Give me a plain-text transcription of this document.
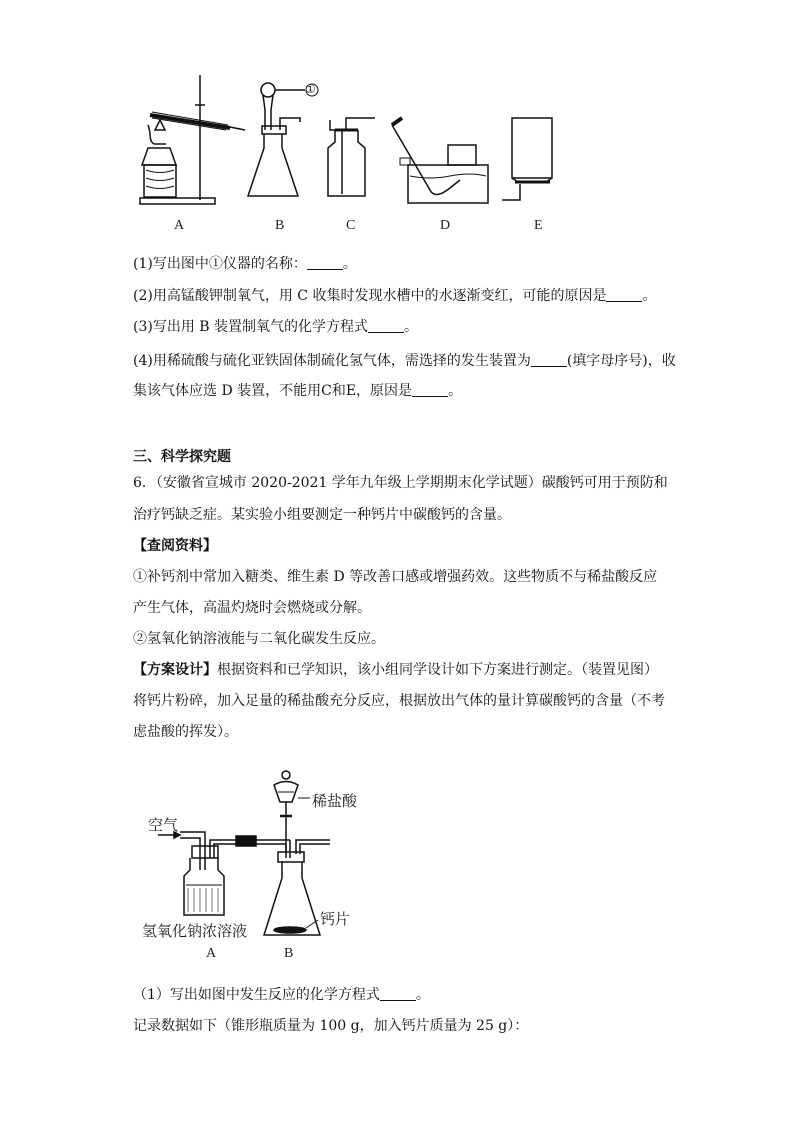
A	B	C	D	E
①
(1)写出图中①仪器的名称：	。
(2)用高锰酸钾制氧气，用 C 收集时发现水槽中的水逐渐变红，可能的原因是	。
(3)写出用 B 装置制氧气的化学方程式	。
(4)用稀硫酸与硫化亚铁固体制硫化氢气体，需选择的发生装置为	(填字母序号)，收
集该气体应选 D 装置，不能用C和E，原因是	。
三、科学探究题
6．（安徽省宣城市 2020-2021 学年九年级上学期期末化学试题）碳酸钙可用于预防和
治疗钙缺乏症。某实验小组要测定一种钙片中碳酸钙的含量。
【查阅资料】
①补钙剂中常加入糖类、维生素 D 等改善口感或增强药效。这些物质不与稀盐酸反应
产生气体，高温灼烧时会燃烧或分解。
②氢氧化钠溶液能与二氧化碳发生反应。
【方案设计】根据资料和已学知识，该小组同学设计如下方案进行测定。（装置见图）
将钙片粉碎，加入足量的稀盐酸充分反应，根据放出气体的量计算碳酸钙的含量（不考
虑盐酸的挥发）。
空气
稀盐酸
氢氧化钠浓溶液
钙片
A	B
（1）写出如图中发生反应的化学方程式	。
记录数据如下（锥形瓶质量为 100 g，加入钙片质量为 25 g）：
